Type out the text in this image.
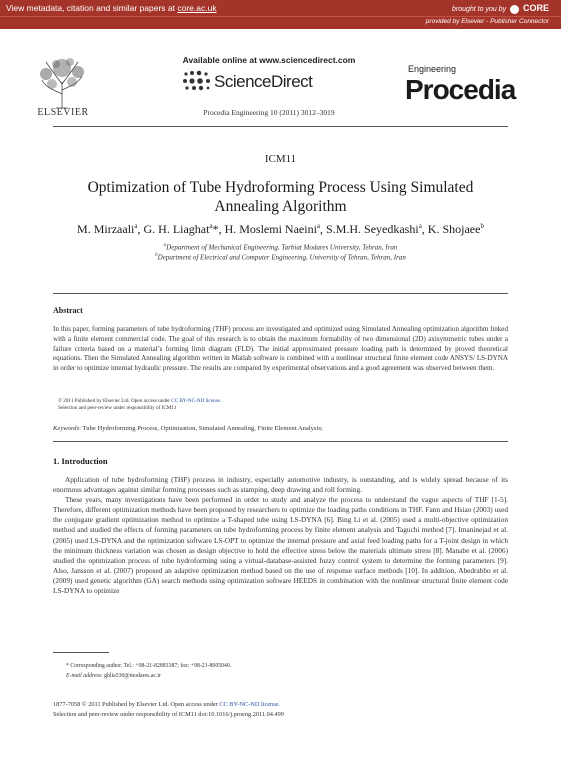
View metadata, citation and similar papers at core.ac.uk	brought to you by CORE
provided by Elsevier - Publisher Connector
ELSEVIER
Available online at www.sciencedirect.com
ScienceDirect
Procedia Engineering 10 (2011) 3012–3019
Engineering
Procedia
ICM11
Optimization of Tube Hydroforming Process Using Simulated
Annealing Algorithm
M. Mirzaali$^a$, G. H. Liaghat$^a$*, H. Moslemi Naeini$^a$, S.M.H. Seyedkashi$^a$, K. Shojaee$^b$
$^a$Department of Mechanical Engineering, Tarbiat Modares University, Tehran, Iran
$^b$Department of Electrical and Computer Engineering, University of Tehran, Tehran, Iran
Abstract
In this paper, forming parameters of tube hydroforming (THF) process are investigated and optimized using Simulated Annealing optimization algorithm linked with a finite element commercial code. The goal of this research is to obtain the maximum formability of two dimensional (2D) axisymmetric tubes under a failure criteria based on a material’s forming limit diagram (FLD). The initial approximated pressure loading path is determined by proved theoretical equations. Then the Simulated Annealing algorithm written in Matlab software is combined with a nonlinear structural finite element code ANSYS/ LS-DYNA in order to optimize internal hydraulic pressure. The results are compared by experimental observations and a good agreement was observed between them.
© 2011 Published by Elsevier Ltd. Open access under CC BY-NC-ND license.
Selection and peer-review under responsibility of ICM11
Keywords: Tube Hydroforming Process, Optimization, Simulated Annealing, Finite Element Analysis;
1. Introduction

Application of tube hydroforming (THF) process in industry, especially automotive industry, is outstanding, and is widely spread because of its enormous advantages against similar forming processes such as stamping, deep drawing and roll forming.

These years, many investigations have been performed in order to study and analyze the process to understand the vague aspects of THF [1-5]. Therefore, different optimization methods have been proposed by researchers to optimize the loading paths conditions in THF. Fann and Hsiao (2003) used the conjugate gradient optimization method to optimize a T-shaped tube using LS-DYNA [6]. Bing Li et al. (2005) used a multi-objective optimization method and studied the effects of forming parameters on tube hydroforming process by finite element analysis and Taguchi method [7]. Imaninejad et al. (2005) used LS-DYNA and the optimization software LS-OPT to optimize the internal pressure and axial feed loading paths for a T-joint design in which the minimum thickness variation was chosen as design objective to hold the effective stress below the materials ultimate stress [8]. Manabe et al. (2006) studied the optimization process of tube hydroforming using a virtual-database-assisted fuzzy control system to determine the forming parameters [9]. Also, Jansson et al. (2007) proposed an adaptive optimization method based on the use of response surface methods [10]. In addition, Abedrabbo et al. (2009) used genetic algorithm (GA) search methods using optimization software HEEDS in combination with the nonlinear structural finite element code LS-DYNA to optimize

* Corresponding author. Tel.: +98-21-82883387; fax: +98-21-8005040.
E-mail address: ghlia530@modares.ac.ir
1877-7058 © 2011 Published by Elsevier Ltd. Open access under CC BY-NC-ND license.
Selection and peer-review under responsibility of ICM11 doi:10.1016/j.proeng.2011.04.499
